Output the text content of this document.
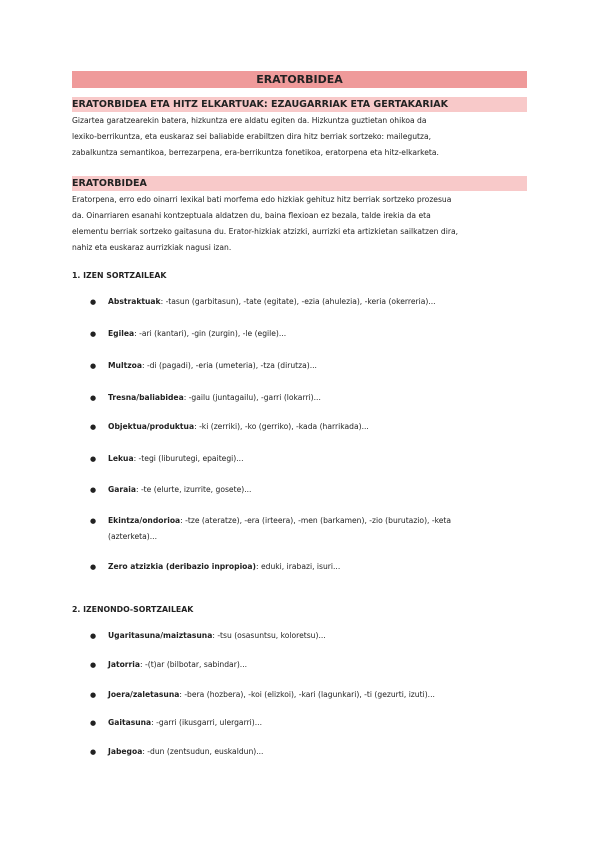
ERATORBIDEA
ERATORBIDEA ETA HITZ ELKARTUAK: EZAUGARRIAK ETA GERTAKARIAK
Gizartea garatzearekin batera, hizkuntza ere aldatu egiten da. Hizkuntza guztietan ohikoa da
lexiko-berrikuntza, eta euskaraz sei baliabide erabiltzen dira hitz berriak sortzeko: mailegutza,
zabalkuntza semantikoa, berrezarpena, era-berrikuntza fonetikoa, eratorpena eta hitz-elkarketa.
ERATORBIDEA
Eratorpena, erro edo oinarri lexikal bati morfema edo hizkiak gehituz hitz berriak sortzeko prozesua
da. Oinarriaren esanahi kontzeptuala aldatzen du, baina flexioan ez bezala, talde irekia da eta
elementu berriak sortzeko gaitasuna du. Erator-hizkiak atzizki, aurrizki eta artizkietan sailkatzen dira,
nahiz eta euskaraz aurrizkiak nagusi izan.
1. IZEN SORTZAILEAK
● Abstraktuak: -tasun (garbitasun), -tate (egitate), -ezia (ahulezia), -keria (okerreria)...
● Egilea: -ari (kantari), -gin (zurgin), -le (egile)...
● Multzoa: -di (pagadi), -eria (umeteria), -tza (dirutza)...
● Tresna/baliabidea: -gailu (juntagailu), -garri (lokarri)...
● Objektua/produktua: -ki (zerriki), -ko (gerriko), -kada (harrikada)...
● Lekua: -tegi (liburutegi, epaitegi)...
● Garaia: -te (elurte, izurrite, gosete)...
● Ekintza/ondorioa: -tze (ateratze), -era (irteera), -men (barkamen), -zio (burutazio), -keta
(azterketa)...
● Zero atzizkia (deribazio inpropioa): eduki, irabazi, isuri...
2. IZENONDO-SORTZAILEAK
● Ugaritasuna/maiztasuna: -tsu (osasuntsu, koloretsu)...
● Jatorria: -(t)ar (bilbotar, sabindar)...
● Joera/zaletasuna: -bera (hozbera), -koi (elizkoi), -kari (lagunkari), -ti (gezurti, izuti)...
● Gaitasuna: -garri (ikusgarri, ulergarri)...
● Jabegoa: -dun (zentsudun, euskaldun)...
